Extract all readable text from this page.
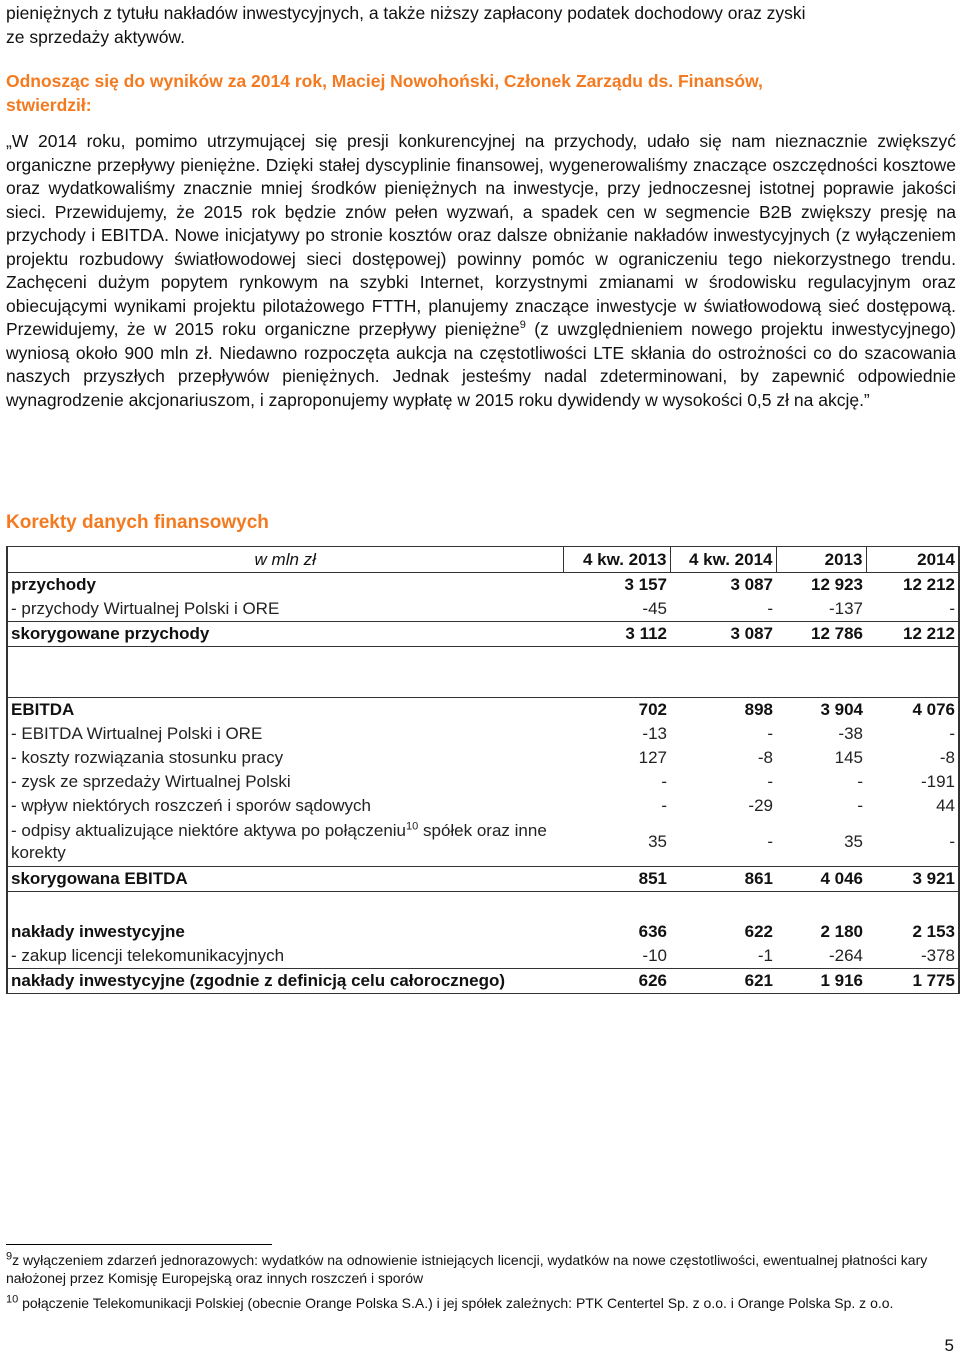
pieniężnych z tytułu nakładów inwestycyjnych, a także niższy zapłacony podatek dochodowy oraz zyski

ze sprzedaży aktywów.

Odnosząc się do wyników za 2014 rok, Maciej Nowohoński, Członek Zarządu ds. Finansów,

stwierdził:

„W 2014 roku, pomimo utrzymującej się presji konkurencyjnej na przychody, udało się nam nieznacznie zwiększyć organiczne przepływy pieniężne. Dzięki stałej dyscyplinie finansowej, wygenerowaliśmy znaczące oszczędności kosztowe oraz wydatkowaliśmy znacznie mniej środków pieniężnych na inwestycje, przy jednoczesnej istotnej poprawie jakości sieci. Przewidujemy, że 2015 rok będzie znów pełen wyzwań, a spadek cen w segmencie B2B zwiększy presję na przychody i EBITDA. Nowe inicjatywy po stronie kosztów oraz dalsze obniżanie nakładów inwestycyjnych (z wyłączeniem projektu rozbudowy światłowodowej sieci dostępowej) powinny pomóc w ograniczeniu tego niekorzystnego trendu. Zachęceni dużym popytem rynkowym na szybki Internet, korzystnymi zmianami w środowisku regulacyjnym oraz obiecującymi wynikami projektu pilotażowego FTTH, planujemy znaczące inwestycje w światłowodową sieć dostępową. Przewidujemy, że w 2015 roku organiczne przepływy pieniężne$^9$ (z uwzględnieniem nowego projektu inwestycyjnego) wyniosą około 900 mln zł. Niedawno rozpoczęta aukcja na częstotliwości LTE skłania do ostrożności co do szacowania naszych przyszłych przepływów pieniężnych. Jednak jesteśmy nadal zdeterminowani, by zapewnić odpowiednie wynagrodzenie akcjonariuszom, i zaproponujemy wypłatę w 2015 roku dywidendy w wysokości 0,5 zł na akcję.”

Korekty danych finansowych
w mln zł	4 kw. 2013	4 kw. 2014	2013	2014
przychody	3 157	3 087	12 923	12 212
- przychody Wirtualnej Polski i ORE	-45	-	-137	-
skorygowane przychody	3 112	3 087	12 786	12 212

EBITDA	702	898	3 904	4 076
- EBITDA Wirtualnej Polski i ORE	-13	-	-38	-
- koszty rozwiązania stosunku pracy	127	-8	145	-8
- zysk ze sprzedaży Wirtualnej Polski	-	-	-	-191
- wpływ niektórych roszczeń i sporów sądowych	-	-29	-	44
- odpisy aktualizujące niektóre aktywa po połączeniu$^{10}$ spółek oraz inne korekty	35	-	35	-
skorygowana EBITDA	851	861	4 046	3 921

nakłady inwestycyjne	636	622	2 180	2 153
- zakup licencji telekomunikacyjnych	-10	-1	-264	-378
nakłady inwestycyjne (zgodnie z definicją celu całorocznego)	626	621	1 916	1 775

$^9$z wyłączeniem zdarzeń jednorazowych: wydatków na odnowienie istniejących licencji, wydatków na nowe częstotliwości, ewentualnej płatności kary nałożonej przez Komisję Europejską oraz innych roszczeń i sporów

$^{10}$ połączenie Telekomunikacji Polskiej (obecnie Orange Polska S.A.) i jej spółek zależnych: PTK Centertel Sp. z o.o. i Orange Polska Sp. z o.o.

5
